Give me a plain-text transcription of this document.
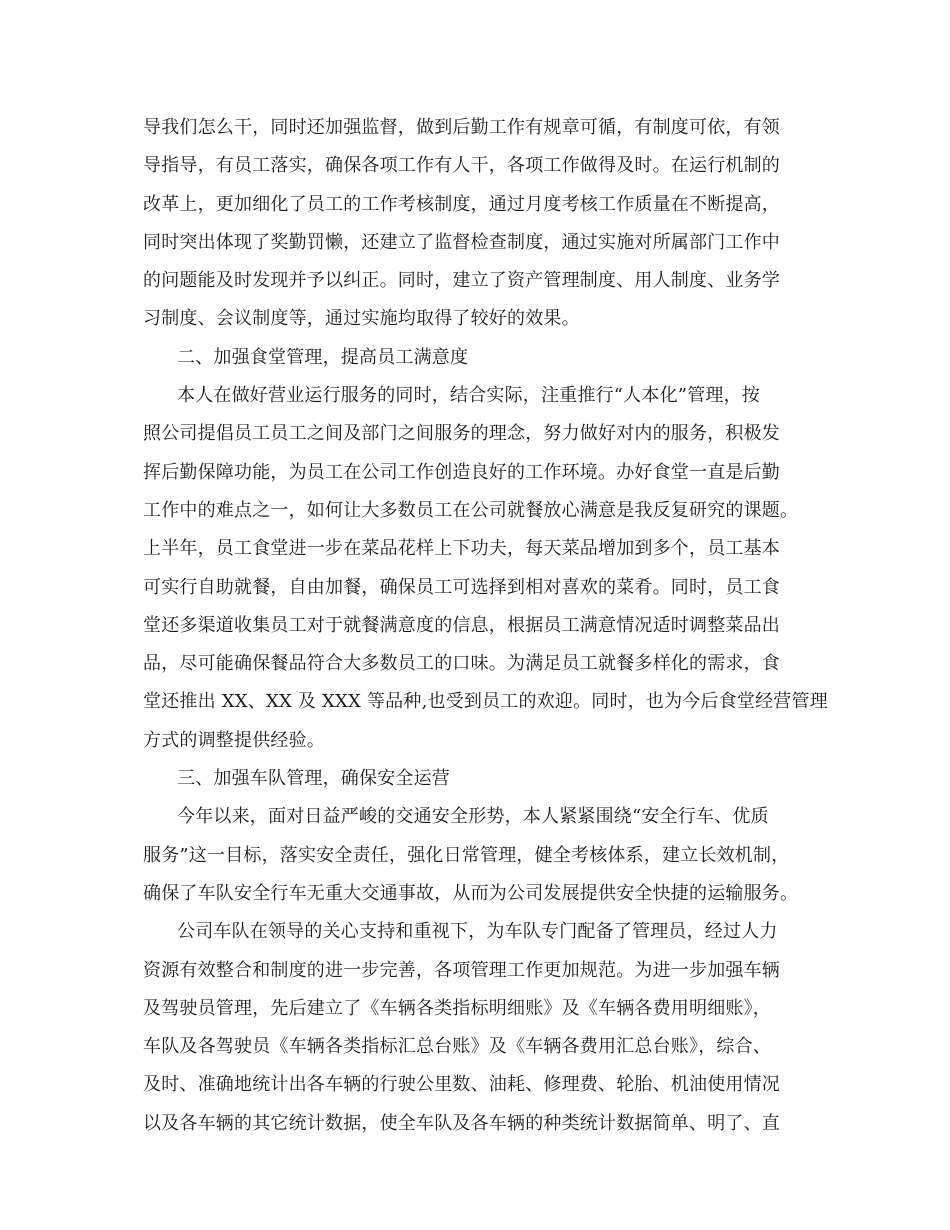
导我们怎么干，同时还加强监督，做到后勤工作有规章可循，有制度可依，有领
导指导，有员工落实，确保各项工作有人干，各项工作做得及时。在运行机制的
改革上，更加细化了员工的工作考核制度，通过月度考核工作质量在不断提高，
同时突出体现了奖勤罚懒，还建立了监督检查制度，通过实施对所属部门工作中
的问题能及时发现并予以纠正。同时，建立了资产管理制度、用人制度、业务学
习制度、会议制度等，通过实施均取得了较好的效果。
二、加强食堂管理，提高员工满意度
本人在做好营业运行服务的同时，结合实际，注重推行“人本化”管理，按
照公司提倡员工员工之间及部门之间服务的理念，努力做好对内的服务，积极发
挥后勤保障功能，为员工在公司工作创造良好的工作环境。办好食堂一直是后勤
工作中的难点之一，如何让大多数员工在公司就餐放心满意是我反复研究的课题。
上半年，员工食堂进一步在菜品花样上下功夫，每天菜品增加到多个，员工基本
可实行自助就餐，自由加餐，确保员工可选择到相对喜欢的菜肴。同时，员工食
堂还多渠道收集员工对于就餐满意度的信息，根据员工满意情况适时调整菜品出
品，尽可能确保餐品符合大多数员工的口味。为满足员工就餐多样化的需求，食
堂还推出 XX、XX 及 XXX 等品种,也受到员工的欢迎。同时，也为今后食堂经营管理
方式的调整提供经验。
三、加强车队管理，确保安全运营
今年以来，面对日益严峻的交通安全形势，本人紧紧围绕“安全行车、优质
服务”这一目标，落实安全责任，强化日常管理，健全考核体系，建立长效机制，
确保了车队安全行车无重大交通事故，从而为公司发展提供安全快捷的运输服务。
公司车队在领导的关心支持和重视下，为车队专门配备了管理员，经过人力
资源有效整合和制度的进一步完善，各项管理工作更加规范。为进一步加强车辆
及驾驶员管理，先后建立了《车辆各类指标明细账》及《车辆各费用明细账》，
车队及各驾驶员《车辆各类指标汇总台账》及《车辆各费用汇总台账》，综合、
及时、准确地统计出各车辆的行驶公里数、油耗、修理费、轮胎、机油使用情况
以及各车辆的其它统计数据，使全车队及各车辆的种类统计数据简单、明了、直
